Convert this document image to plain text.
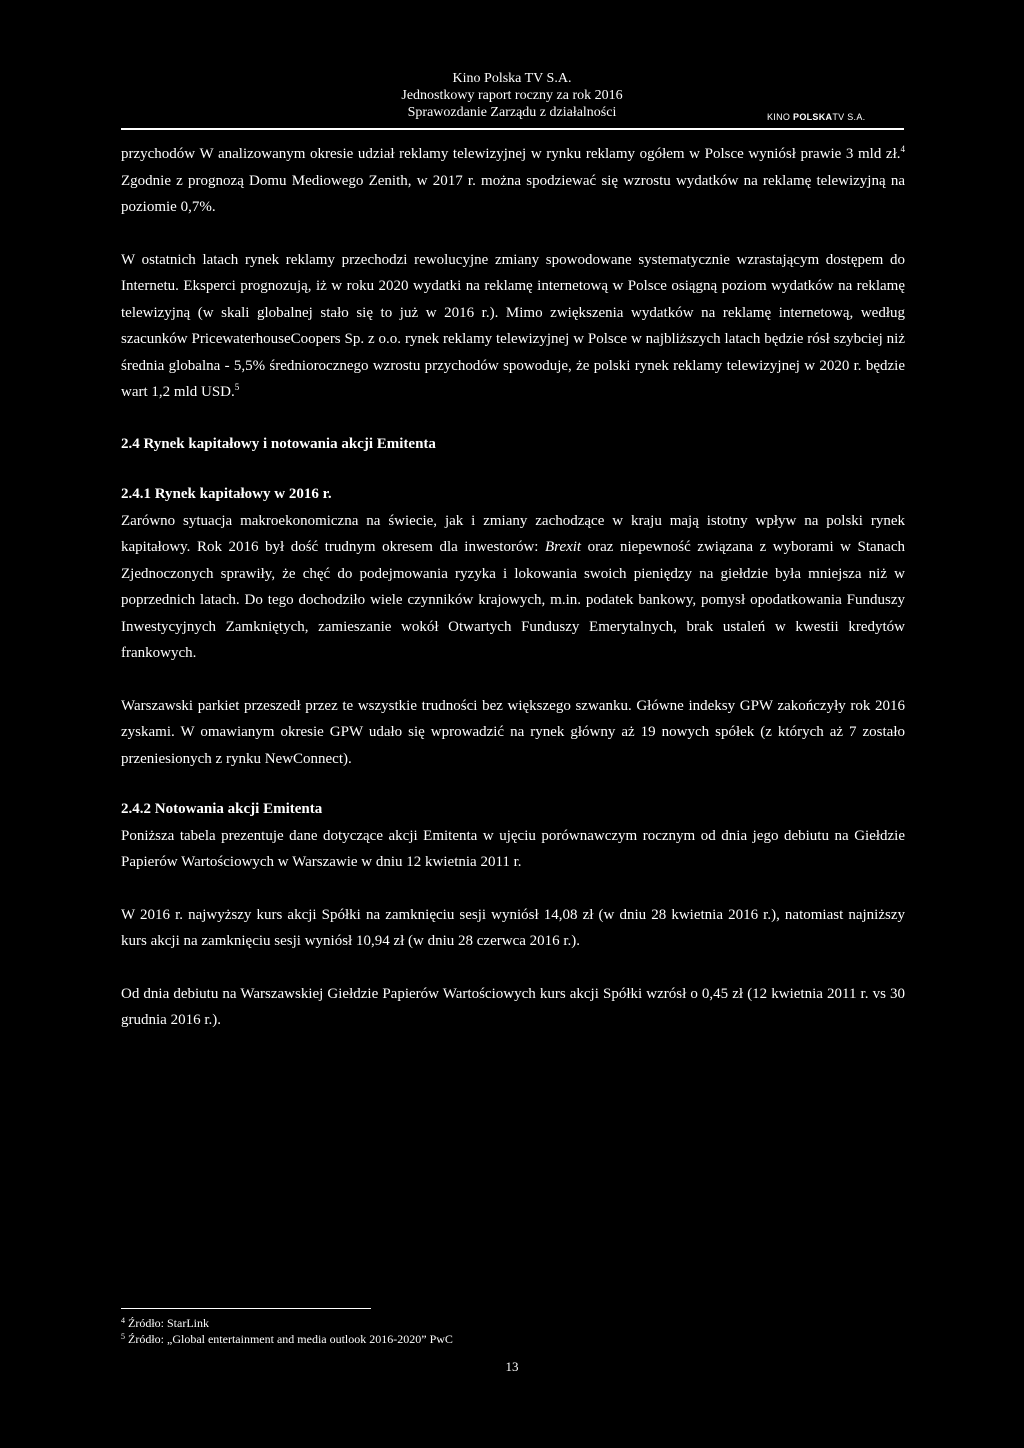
Kino Polska TV S.A.
Jednostkowy raport roczny za rok 2016
Sprawozdanie Zarządu z działalności	KINO POLSKATV S.A.

przychodów W analizowanym okresie udział reklamy telewizyjnej w rynku reklamy ogółem w Polsce wyniósł prawie 3 mld zł.$^4$ Zgodnie z prognozą Domu Mediowego Zenith, w 2017 r. można spodziewać się wzrostu wydatków na reklamę telewizyjną na poziomie 0,7%.

W ostatnich latach rynek reklamy przechodzi rewolucyjne zmiany spowodowane systematycznie wzrastającym dostępem do Internetu. Eksperci prognozują, iż w roku 2020 wydatki na reklamę internetową w Polsce osiągną poziom wydatków na reklamę telewizyjną (w skali globalnej stało się to już w 2016 r.). Mimo zwiększenia wydatków na reklamę internetową, według szacunków PricewaterhouseCoopers Sp. z o.o. rynek reklamy telewizyjnej w Polsce w najbliższych latach będzie rósł szybciej niż średnia globalna - 5,5% średniorocznego wzrostu przychodów spowoduje, że polski rynek reklamy telewizyjnej w 2020 r. będzie wart 1,2 mld USD.$^5$

2.4 Rynek kapitałowy i notowania akcji Emitenta
2.4.1 Rynek kapitałowy w 2016 r.

Zarówno sytuacja makroekonomiczna na świecie, jak i zmiany zachodzące w kraju mają istotny wpływ na polski rynek kapitałowy. Rok 2016 był dość trudnym okresem dla inwestorów: Brexit oraz niepewność związana z wyborami w Stanach Zjednoczonych sprawiły, że chęć do podejmowania ryzyka i lokowania swoich pieniędzy na giełdzie była mniejsza niż w poprzednich latach. Do tego dochodziło wiele czynników krajowych, m.in. podatek bankowy, pomysł opodatkowania Funduszy Inwestycyjnych Zamkniętych, zamieszanie wokół Otwartych Funduszy Emerytalnych, brak ustaleń w kwestii kredytów frankowych.

Warszawski parkiet przeszedł przez te wszystkie trudności bez większego szwanku. Główne indeksy GPW zakończyły rok 2016 zyskami. W omawianym okresie GPW udało się wprowadzić na rynek główny aż 19 nowych spółek (z których aż 7 zostało przeniesionych z rynku NewConnect).

2.4.2 Notowania akcji Emitenta

Poniższa tabela prezentuje dane dotyczące akcji Emitenta w ujęciu porównawczym rocznym od dnia jego debiutu na Giełdzie Papierów Wartościowych w Warszawie w dniu 12 kwietnia 2011 r.

W 2016 r. najwyższy kurs akcji Spółki na zamknięciu sesji wyniósł 14,08 zł (w dniu 28 kwietnia 2016 r.), natomiast najniższy kurs akcji na zamknięciu sesji wyniósł 10,94 zł (w dniu 28 czerwca 2016 r.).

Od dnia debiutu na Warszawskiej Giełdzie Papierów Wartościowych kurs akcji Spółki wzrósł o 0,45 zł (12 kwietnia 2011 r. vs 30 grudnia 2016 r.).

$^4$ Źródło: StarLink
$^5$ Źródło: „Global entertainment and media outlook 2016-2020” PwC
13
